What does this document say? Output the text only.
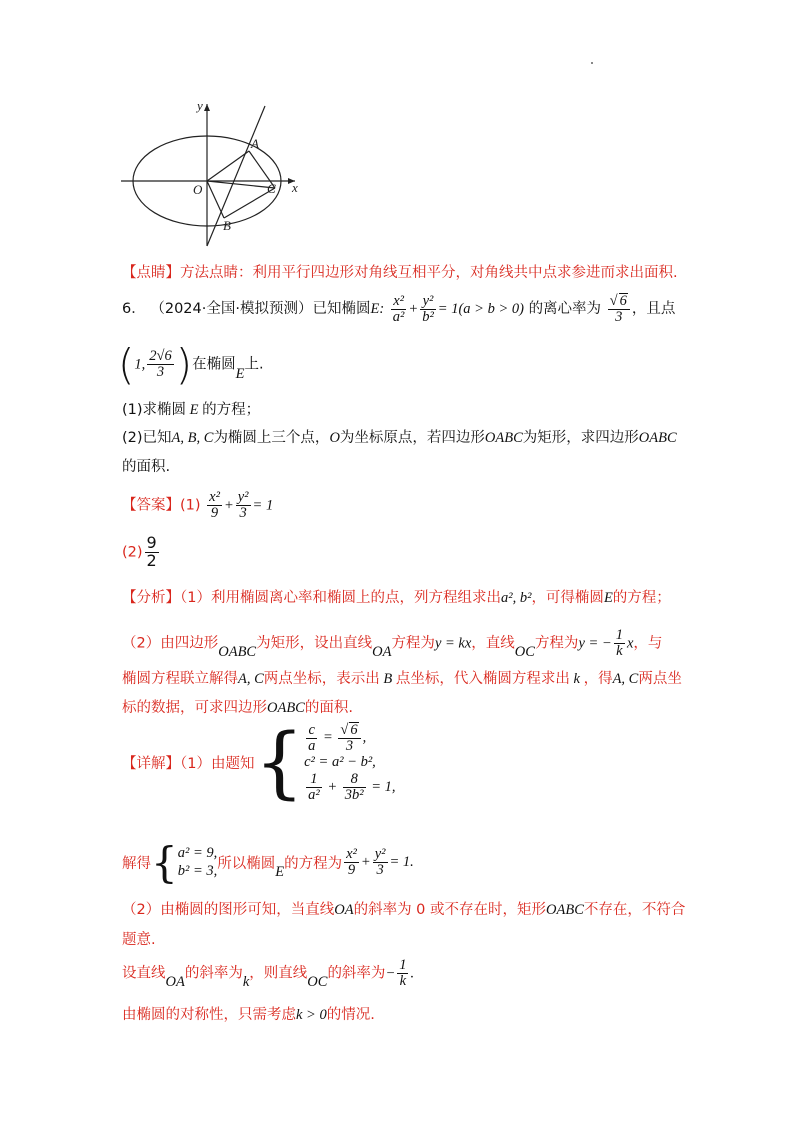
y
x
O
A
B
C
【点睛】方法点睛：利用平行四边形对角线互相平分，对角线共中点求参进而求出面积.
6． （2024·全国·模拟预测）已知椭圆E: $\frac{\text{x²}}{\text{a²}} + \frac{\text{y²}}{\text{b²}} = 1(a > b > 0)$ 的离心率为 $\frac{√ 6}{3}$ ，且点
(1, $\frac{2√6}{3}$ )在椭圆E上.
(1)求椭圆 E 的方程；
(2)已知A, B, C为椭圆上三个点，O为坐标原点，若四边形OABC为矩形，求四边形OABC
的面积.
【答案】$(1) \frac{\text{x²}}{9} + \frac{\text{y²}}{3} = 1$
$(2) \frac{9}{2}$
【分析】（1）利用椭圆离心率和椭圆上的点，列方程组求出a², b²，可得椭圆E的方程；
（2）由四边形OABC为矩形，设出直线OA方程为y = kx，直线OC方程为y = − $\frac{1}{k}$ x，与
椭圆方程联立解得A, C两点坐标，表示出 B 点坐标，代入椭圆方程求出 k ，得A, C两点坐
标的数据，可求四边形OABC的面积.
【详解】（1）由题知{ $\frac{c}{a} = \frac{√ 6}{3}$ ,
c² = a² − b²,
$\frac{1}{\text{a²}} + \frac{8}{\text{3b²}} = 1$,
解得{ a² = 9,
b² = 3, 所以椭圆E的方程为 $\frac{\text{x²}}{9} + \frac{\text{y²}}{3} = 1$.
（2）由椭圆的图形可知，当直线OA的斜率为 0 或不存在时，矩形OABC不存在，不符合
题意.
设直线OA的斜率为k，则直线OC的斜率为− $\frac{1}{k}$ .
由椭圆的对称性，只需考虑k > 0的情况.
